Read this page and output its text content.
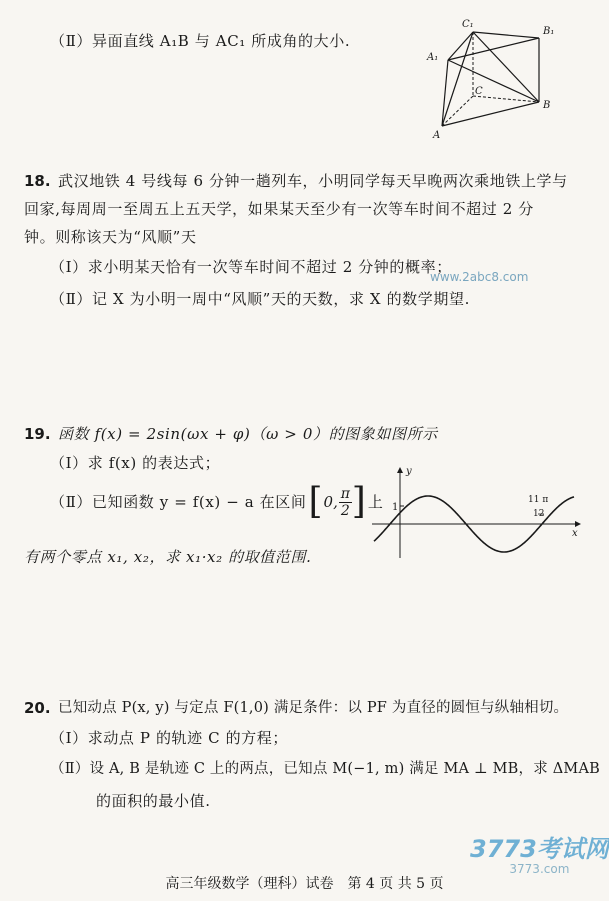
（Ⅱ）异面直线 A₁B 与 AC₁ 所成角的大小.
C₁
B₁
A₁
C
B
A
18. 武汉地铁 4 号线每 6 分钟一趟列车，小明同学每天早晚两次乘地铁上学与
回家,每周周一至周五上五天学，如果某天至少有一次等车时间不超过 2 分
钟。则称该天为“风顺”天
（Ⅰ）求小明某天恰有一次等车时间不超过 2 分钟的概率；
www.2abc8.com
（Ⅱ）记 X 为小明一周中“风顺”天的天数，求 X 的数学期望.
19. 函数 f(x) = 2sin(ωx + φ)（ω > 0）的图象如图所示
（Ⅰ）求 f(x) 的表达式；
（Ⅱ）已知函数 y = f(x) − a 在区间 [ 0, $\frac{\pi}{2}$ ] 上
有两个零点 x₁, x₂，求 x₁·x₂ 的取值范围.
y
x
1
11 π
12
20. 已知动点 P(x, y) 与定点 F(1,0) 满足条件：以 PF 为直径的圆恒与纵轴相切。
（Ⅰ）求动点 P 的轨迹 C 的方程；
（Ⅱ）设 A, B 是轨迹 C 上的两点，已知点 M(−1, m) 满足 MA ⊥ MB，求 ΔMAB
的面积的最小值.
高三年级数学（理科）试卷　第 4 页 共 5 页
3773考试网
3773.com
